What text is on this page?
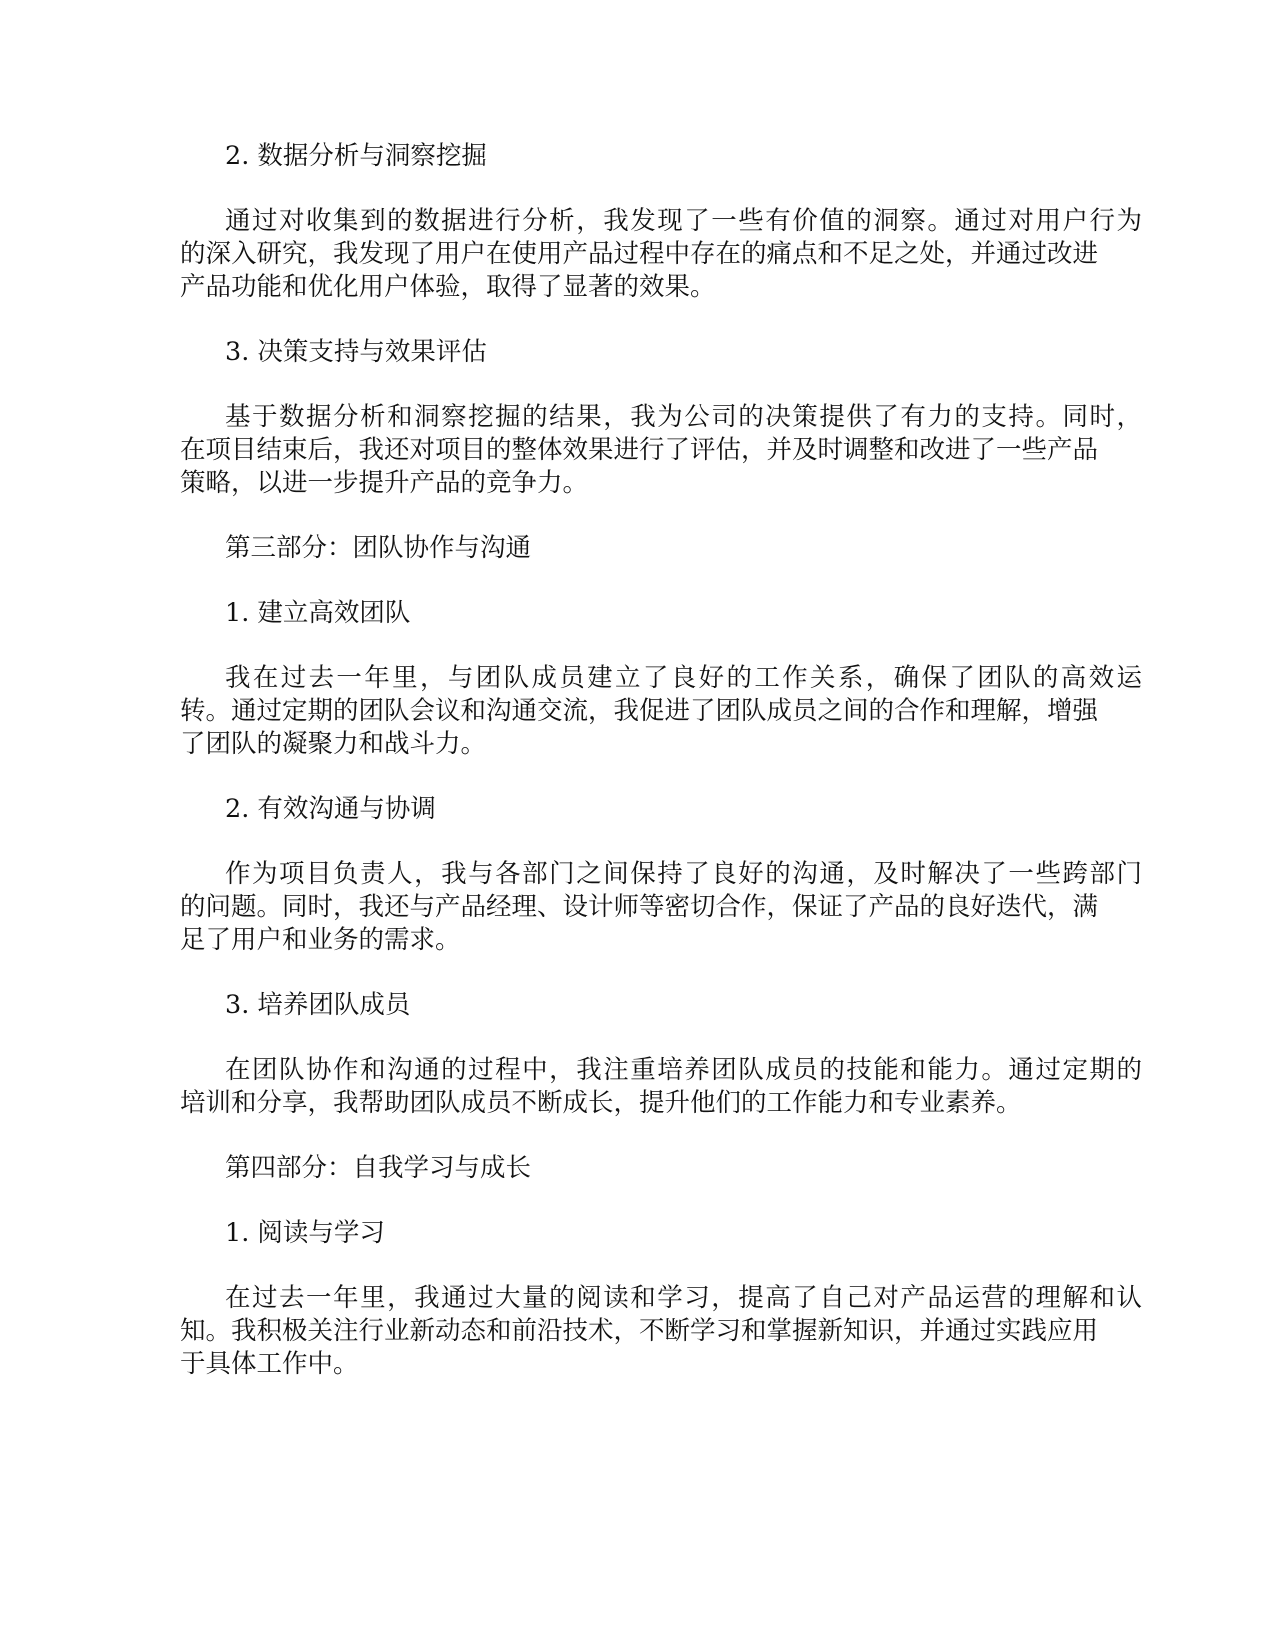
2. 数据分析与洞察挖掘

通过对收集到的数据进行分析，我发现了一些有价值的洞察。通过对用户行为

的深入研究，我发现了用户在使用产品过程中存在的痛点和不足之处，并通过改进

产品功能和优化用户体验，取得了显著的效果。

3. 决策支持与效果评估

基于数据分析和洞察挖掘的结果，我为公司的决策提供了有力的支持。同时，

在项目结束后，我还对项目的整体效果进行了评估，并及时调整和改进了一些产品

策略，以进一步提升产品的竞争力。

第三部分：团队协作与沟通

1. 建立高效团队

我在过去一年里，与团队成员建立了良好的工作关系，确保了团队的高效运

转。通过定期的团队会议和沟通交流，我促进了团队成员之间的合作和理解，增强

了团队的凝聚力和战斗力。

2. 有效沟通与协调

作为项目负责人，我与各部门之间保持了良好的沟通，及时解决了一些跨部门

的问题。同时，我还与产品经理、设计师等密切合作，保证了产品的良好迭代，满

足了用户和业务的需求。

3. 培养团队成员

在团队协作和沟通的过程中，我注重培养团队成员的技能和能力。通过定期的

培训和分享，我帮助团队成员不断成长，提升他们的工作能力和专业素养。

第四部分：自我学习与成长

1. 阅读与学习

在过去一年里，我通过大量的阅读和学习，提高了自己对产品运营的理解和认

知。我积极关注行业新动态和前沿技术，不断学习和掌握新知识，并通过实践应用

于具体工作中。
